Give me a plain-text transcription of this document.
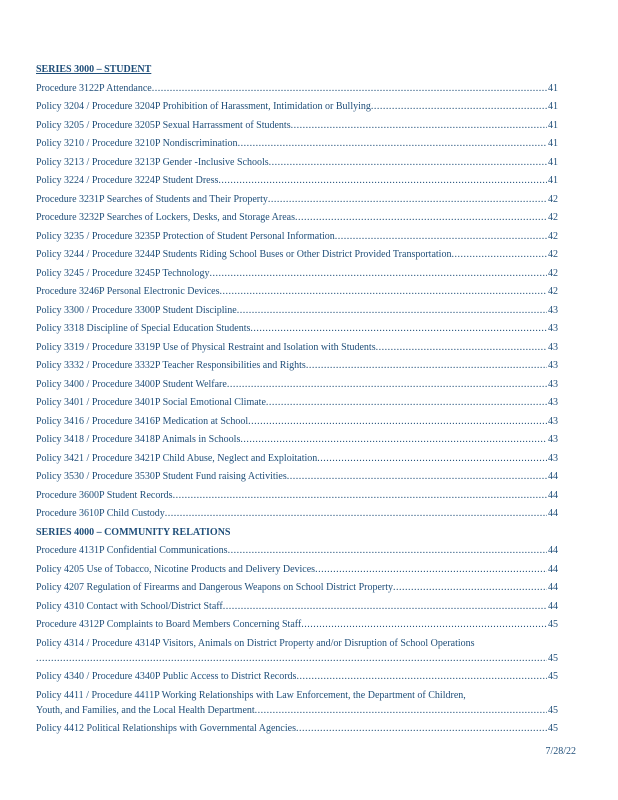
SERIES 3000 – STUDENT
Procedure 3122P Attendance .....	41
Policy 3204 / Procedure 3204P Prohibition of Harassment, Intimidation or Bullying .....	41
Policy 3205 / Procedure 3205P Sexual Harrassment of Students .....	41
Policy 3210 / Procedure 3210P Nondiscrimination .....	41
Policy 3213 / Procedure 3213P Gender -Inclusive Schools .....	41
Policy 3224 / Procedure 3224P Student Dress .....	41
Procedure 3231P Searches of Students and Their Property .....	42
Procedure 3232P Searches of Lockers, Desks, and Storage Areas .....	42
Policy 3235 / Procedure 3235P Protection of Student Personal Information .....	42
Policy 3244 / Procedure 3244P Students Riding School Buses or Other District Provided Transportation .....	42
Policy 3245 / Procedure 3245P Technology .....	42
Procedure 3246P Personal Electronic Devices .....	42
Policy 3300 / Procedure 3300P Student Discipline .....	43
Policy 3318 Discipline of Special Education Students .....	43
Policy 3319 / Procedure 3319P Use of Physical Restraint and Isolation with Students .....	43
Policy 3332 / Procedure 3332P Teacher Responsibilities and Rights .....	43
Policy 3400 / Procedure 3400P Student Welfare .....	43
Policy 3401 / Procedure 3401P Social Emotional Climate .....	43
Policy 3416 / Procedure 3416P Medication at School .....	43
Policy 3418 / Procedure 3418P Animals in Schools .....	43
Policy 3421 / Procedure 3421P Child Abuse, Neglect and Exploitation .....	43
Policy 3530 / Procedure 3530P Student Fund raising Activities .....	44
Procedure 3600P Student Records .....	44
Procedure 3610P Child Custody .....	44
SERIES 4000 – COMMUNITY RELATIONS
Procedure 4131P Confidential Communications .....	44
Policy 4205 Use of Tobacco, Nicotine Products and Delivery Devices .....	44
Policy 4207 Regulation of Firearms and Dangerous Weapons on School District Property .....	44
Policy 4310 Contact with School/District Staff .....	44
Procedure 4312P Complaints to Board Members Concerning Staff .....	45
Policy 4314 / Procedure 4314P Visitors, Animals on District Property and/or Disruption of School Operations
.....
45
Policy 4340 / Procedure 4340P Public Access to District Records .....	45
Policy 4411 / Procedure 4411P Working Relationships with Law Enforcement, the Department of Children,
Youth, and Families, and the Local Health Department .....	45
Policy 4412 Political Relationships with Governmental Agencies .....	45
7/28/22
